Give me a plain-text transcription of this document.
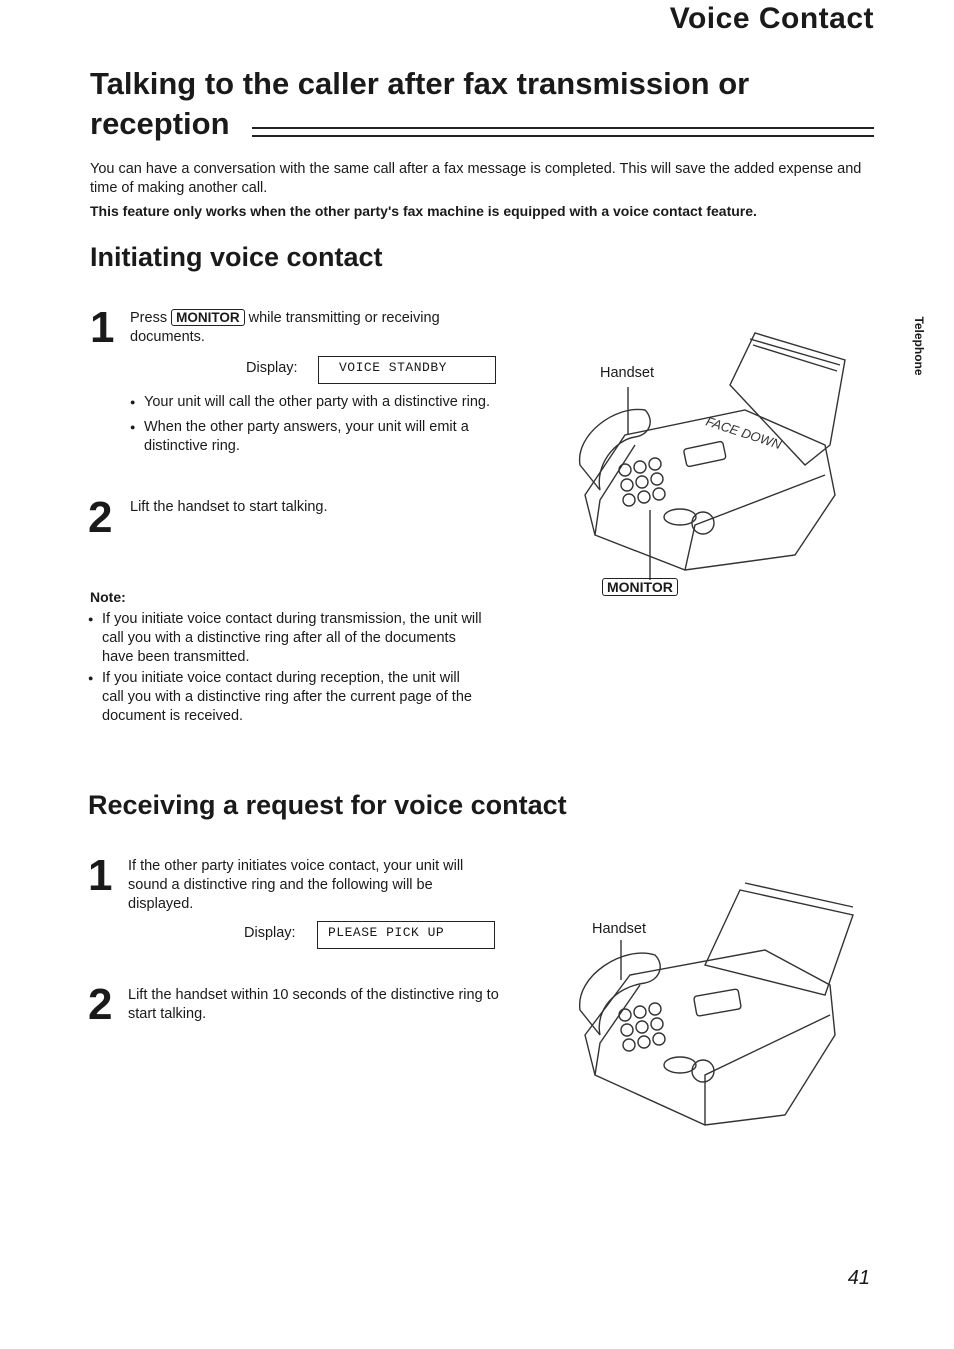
Voice Contact
Talking to the caller after fax transmission or reception
You can have a conversation with the same call after a fax message is completed. This will save the added expense and time of making another call.
This feature only works when the other party's fax machine is equipped with a voice contact feature.
Telephone
Initiating voice contact
1 Press MONITOR while transmitting or receiving documents.
Display:	VOICE STANDBY
● Your unit will call the other party with a distinctive ring.
● When the other party answers, your unit will emit a distinctive ring.
2 Lift the handset to start talking.
Note:
● If you initiate voice contact during transmission, the unit will call you with a distinctive ring after all of the documents have been transmitted.
● If you initiate voice contact during reception, the unit will call you with a distinctive ring after the current page of the document is received.
Handset
FACE DOWN
MONITOR
Receiving a request for voice contact
1 If the other party initiates voice contact, your unit will sound a distinctive ring and the following will be displayed.
Display:	PLEASE PICK UP
2 Lift the handset within 10 seconds of the distinctive ring to start talking.
Handset
41
